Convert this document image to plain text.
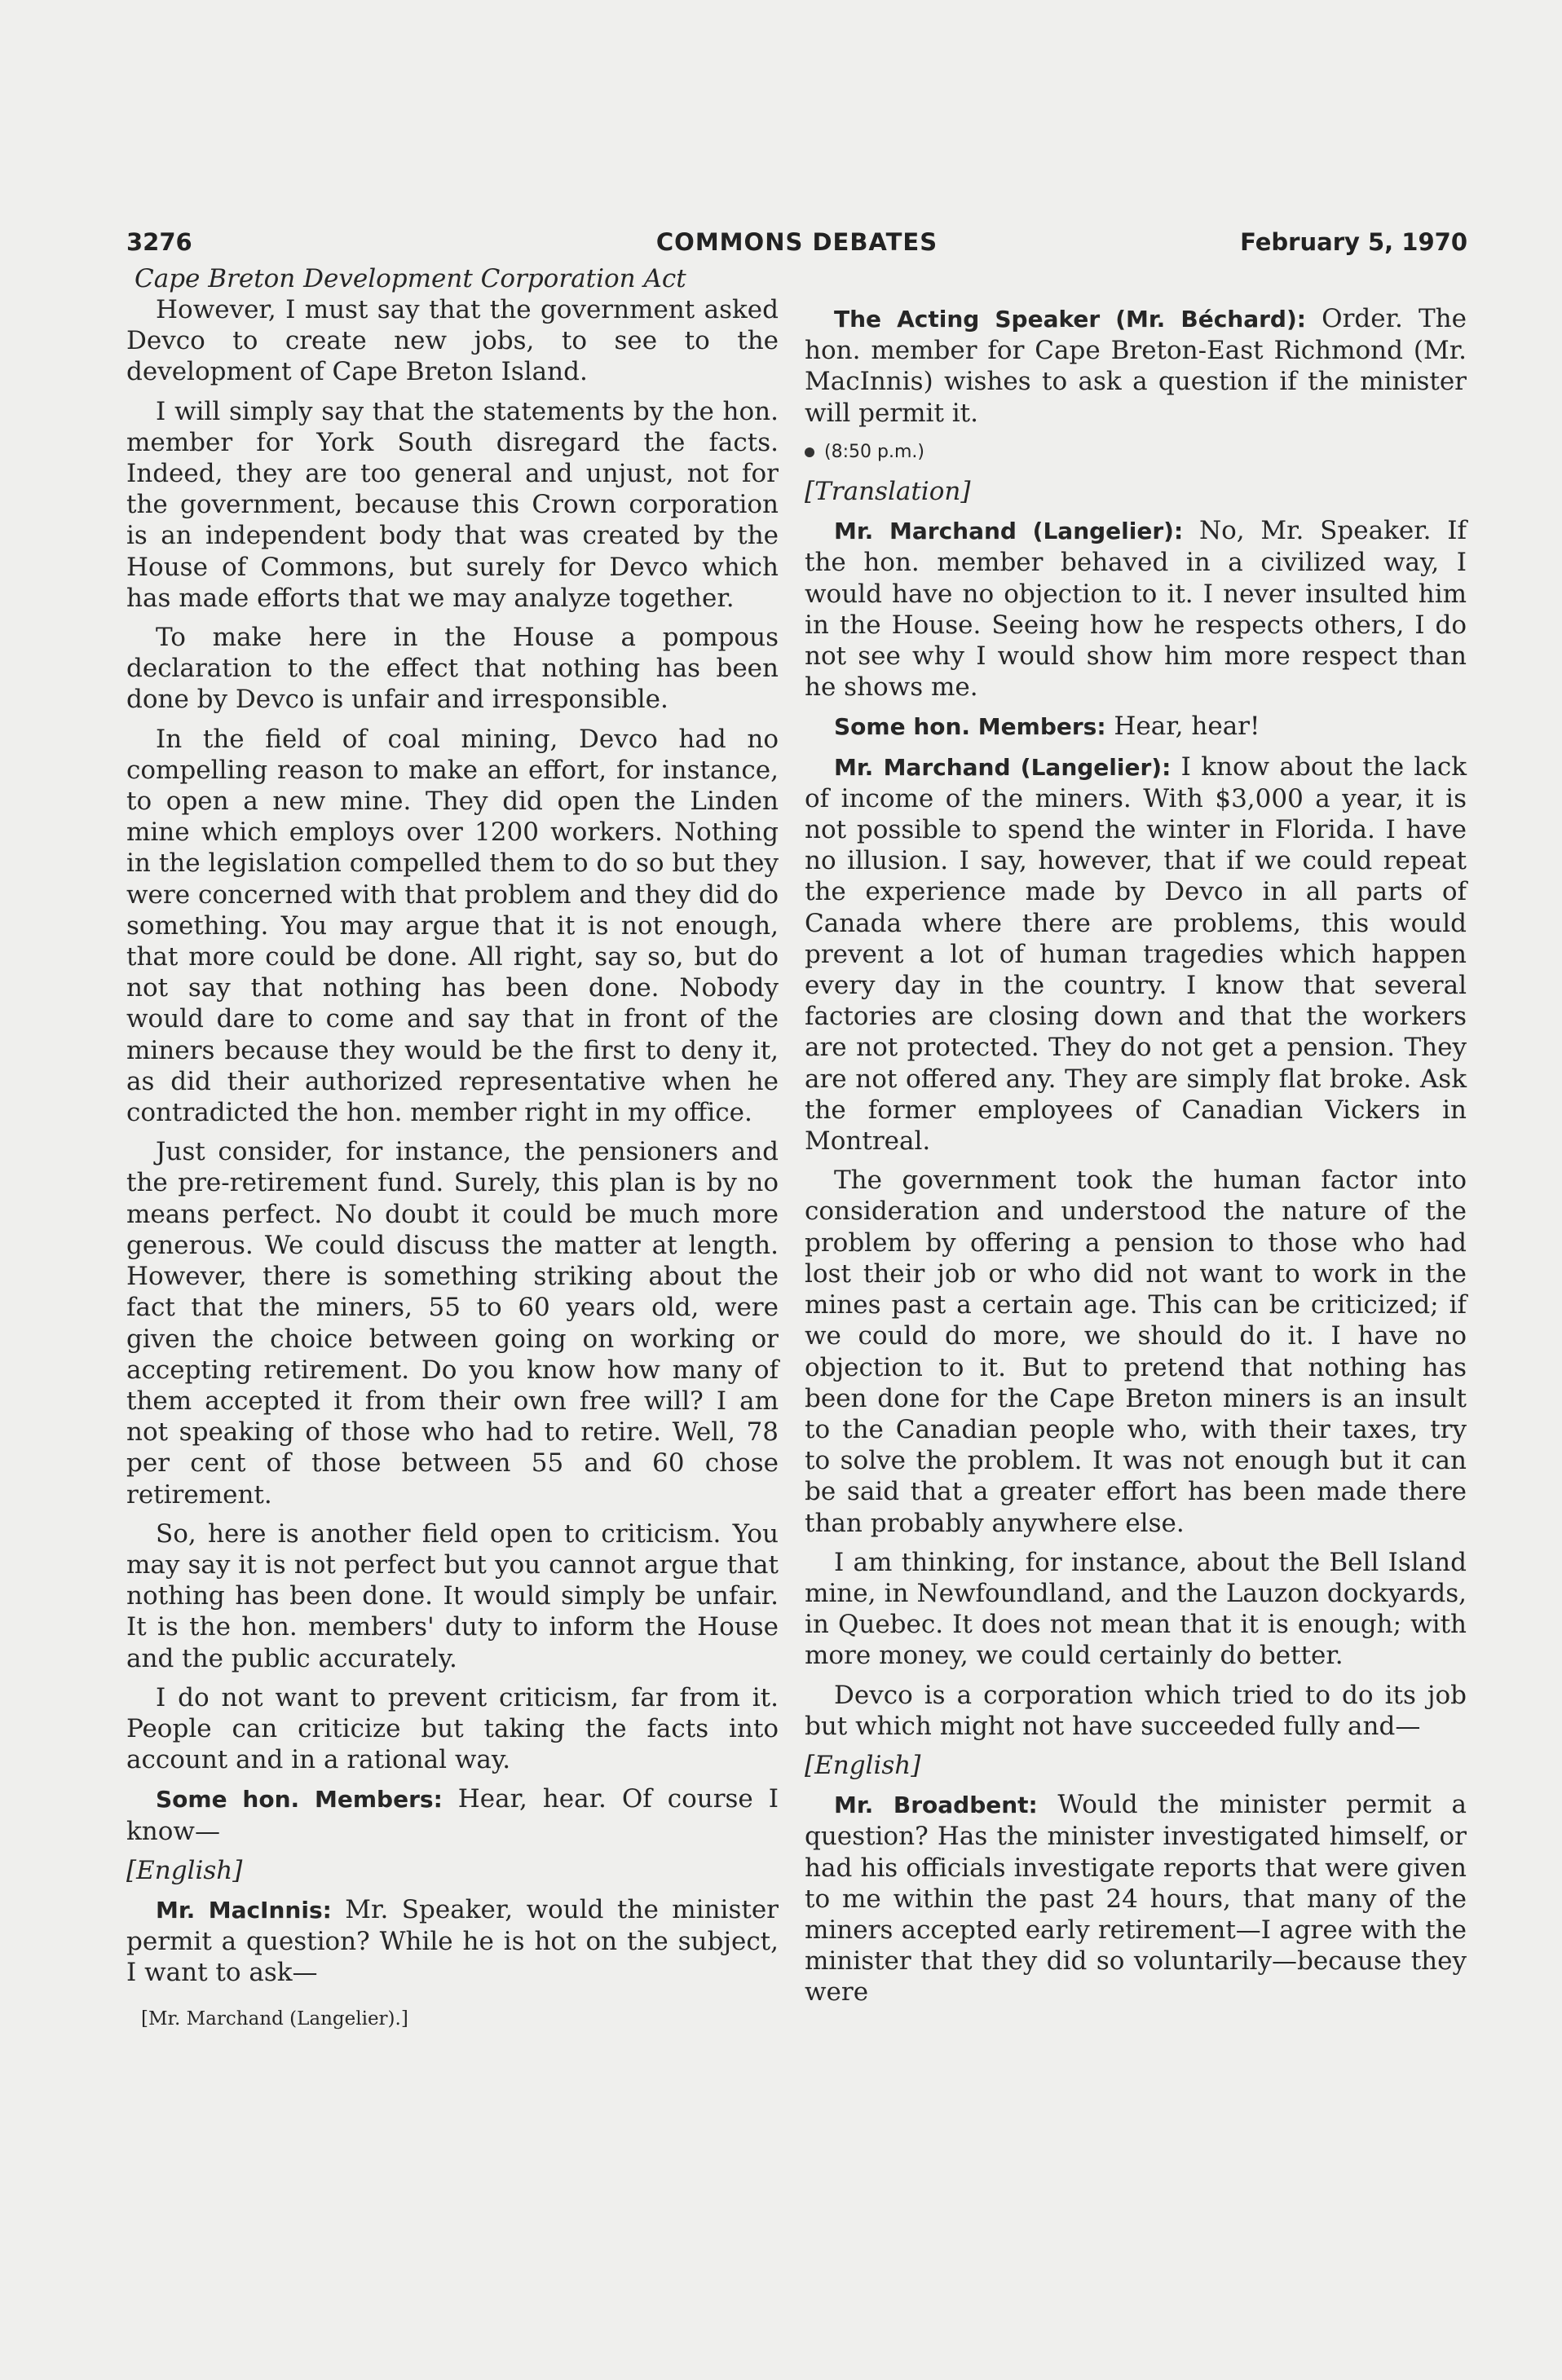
3276	COMMONS DEBATES	February 5, 1970
Cape Breton Development Corporation Act

However, I must say that the government asked Devco to create new jobs, to see to the development of Cape Breton Island.

I will simply say that the statements by the hon. member for York South disregard the facts. Indeed, they are too general and unjust, not for the government, because this Crown corporation is an independent body that was created by the House of Commons, but surely for Devco which has made efforts that we may analyze together.

To make here in the House a pompous declaration to the effect that nothing has been done by Devco is unfair and irresponsible.

In the field of coal mining, Devco had no compelling reason to make an effort, for instance, to open a new mine. They did open the Linden mine which employs over 1200 workers. Nothing in the legislation compelled them to do so but they were concerned with that problem and they did do something. You may argue that it is not enough, that more could be done. All right, say so, but do not say that nothing has been done. Nobody would dare to come and say that in front of the miners because they would be the first to deny it, as did their authorized representative when he contradicted the hon. member right in my office.

Just consider, for instance, the pensioners and the pre-retirement fund. Surely, this plan is by no means perfect. No doubt it could be much more generous. We could discuss the matter at length. However, there is something striking about the fact that the miners, 55 to 60 years old, were given the choice between going on working or accepting retirement. Do you know how many of them accepted it from their own free will? I am not speaking of those who had to retire. Well, 78 per cent of those between 55 and 60 chose retirement.

So, here is another field open to criticism. You may say it is not perfect but you cannot argue that nothing has been done. It would simply be unfair. It is the hon. members' duty to inform the House and the public accurately.

I do not want to prevent criticism, far from it. People can criticize but taking the facts into account and in a rational way.

Some hon. Members: Hear, hear. Of course I know—

[English]

Mr. MacInnis: Mr. Speaker, would the minister permit a question? While he is hot on the subject, I want to ask—

[Mr. Marchand (Langelier).]

The Acting Speaker (Mr. Béchard): Order. The hon. member for Cape Breton-East Richmond (Mr. MacInnis) wishes to ask a question if the minister will permit it.

(8:50 p.m.)

[Translation]

Mr. Marchand (Langelier): No, Mr. Speaker. If the hon. member behaved in a civilized way, I would have no objection to it. I never insulted him in the House. Seeing how he respects others, I do not see why I would show him more respect than he shows me.

Some hon. Members: Hear, hear!

Mr. Marchand (Langelier): I know about the lack of income of the miners. With $3,000 a year, it is not possible to spend the winter in Florida. I have no illusion. I say, however, that if we could repeat the experience made by Devco in all parts of Canada where there are problems, this would prevent a lot of human tragedies which happen every day in the country. I know that several factories are closing down and that the workers are not protected. They do not get a pension. They are not offered any. They are simply flat broke. Ask the former employees of Canadian Vickers in Montreal.

The government took the human factor into consideration and understood the nature of the problem by offering a pension to those who had lost their job or who did not want to work in the mines past a certain age. This can be criticized; if we could do more, we should do it. I have no objection to it. But to pretend that nothing has been done for the Cape Breton miners is an insult to the Canadian people who, with their taxes, try to solve the problem. It was not enough but it can be said that a greater effort has been made there than probably anywhere else.

I am thinking, for instance, about the Bell Island mine, in Newfoundland, and the Lauzon dockyards, in Quebec. It does not mean that it is enough; with more money, we could certainly do better.

Devco is a corporation which tried to do its job but which might not have succeeded fully and—

[English]

Mr. Broadbent: Would the minister permit a question? Has the minister investigated himself, or had his officials investigate reports that were given to me within the past 24 hours, that many of the miners accepted early retirement—I agree with the minister that they did so voluntarily—because they were
